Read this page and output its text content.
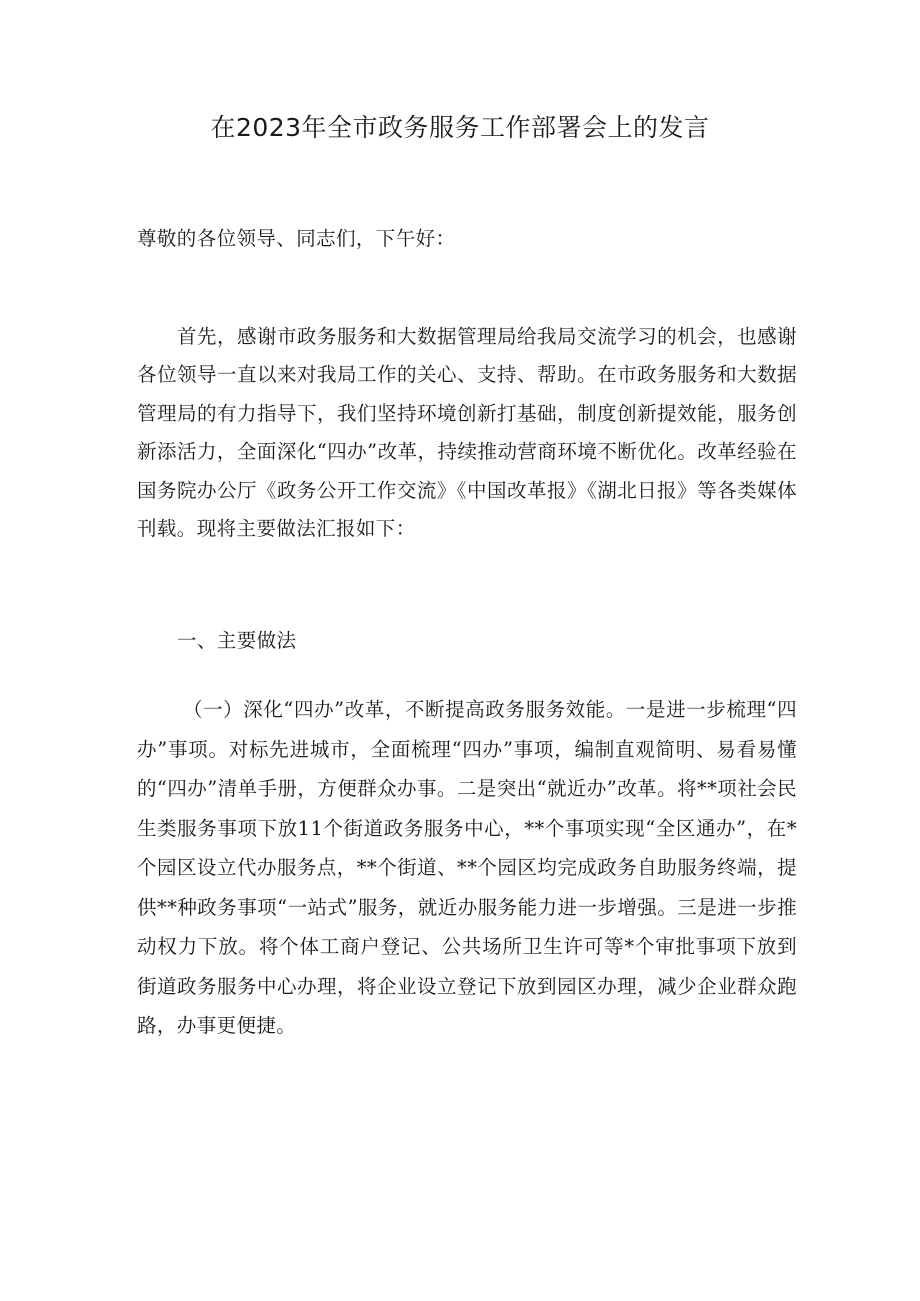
在2023年全市政务服务工作部署会上的发言
尊敬的各位领导、同志们，下午好：
首先，感谢市政务服务和大数据管理局给我局交流学习的机会，也感谢各位领导一直以来对我局工作的关心、支持、帮助。在市政务服务和大数据管理局的有力指导下，我们坚持环境创新打基础，制度创新提效能，服务创新添活力，全面深化“四办”改革，持续推动营商环境不断优化。改革经验在国务院办公厅《政务公开工作交流》《中国改革报》《湖北日报》等各类媒体刊载。现将主要做法汇报如下：
一、主要做法
（一）深化“四办”改革，不断提高政务服务效能。一是进一步梳理“四办”事项。对标先进城市，全面梳理“四办”事项，编制直观简明、易看易懂的“四办”清单手册，方便群众办事。二是突出“就近办”改革。将**项社会民生类服务事项下放11个街道政务服务中心，**个事项实现“全区通办”，在*个园区设立代办服务点，**个街道、**个园区均完成政务自助服务终端，提供**种政务事项“一站式”服务，就近办服务能力进一步增强。三是进一步推动权力下放。将个体工商户登记、公共场所卫生许可等*个审批事项下放到街道政务服务中心办理，将企业设立登记下放到园区办理，减少企业群众跑路，办事更便捷。
